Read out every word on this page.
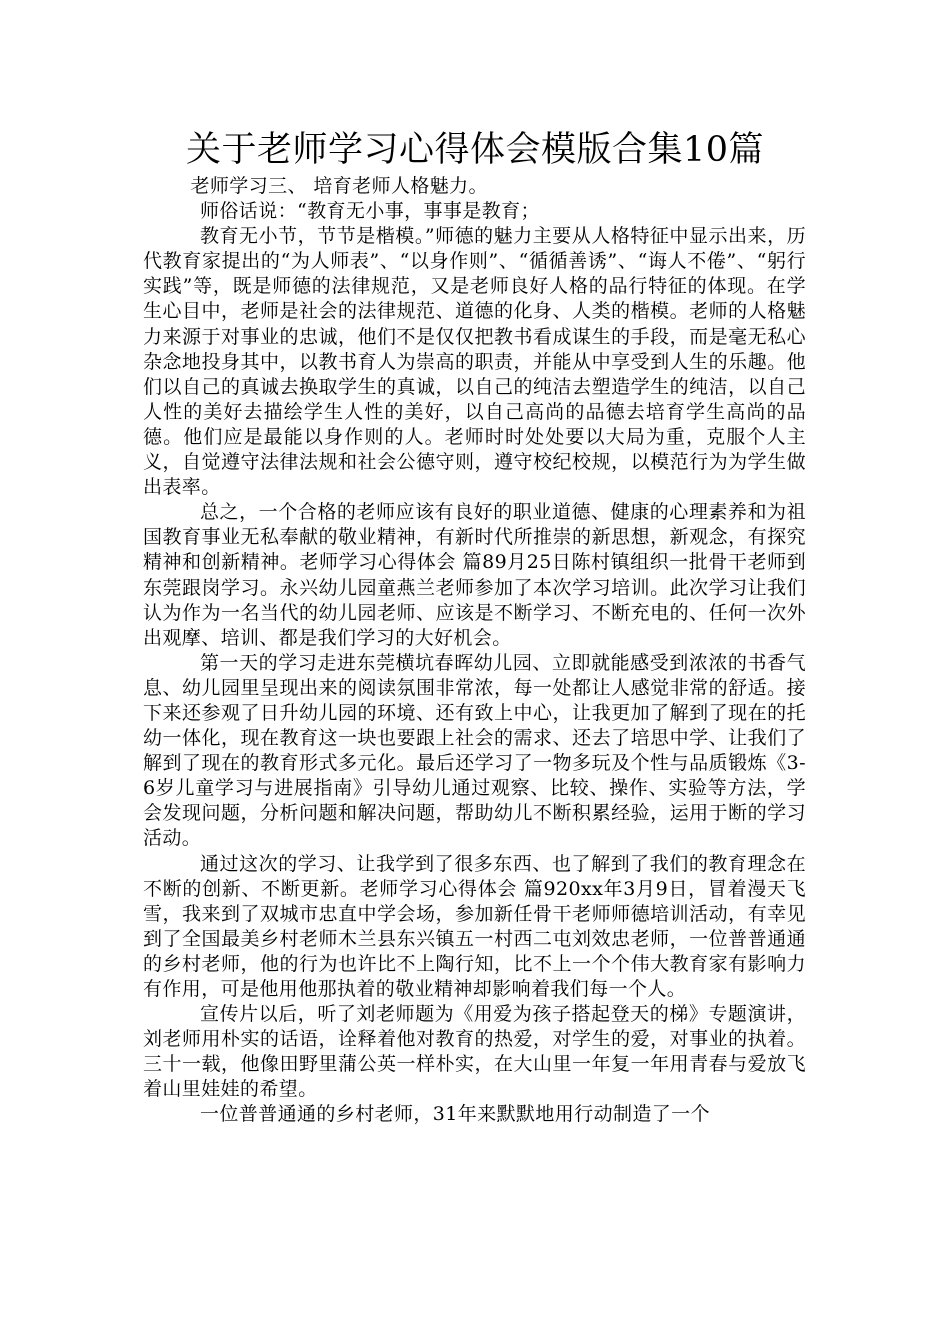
关于老师学习心得体会模版合集10篇

老师学习三、 培育老师人格魅力。

师俗话说：“教育无小事，事事是教育；

教育无小节，节节是楷模。”师德的魅力主要从人格特征中显示出来，历代教育家提出的“为人师表”、“以身作则”、“循循善诱”、“诲人不倦”、“躬行实践”等，既是师德的法律规范，又是老师良好人格的品行特征的体现。在学生心目中，老师是社会的法律规范、道德的化身、人类的楷模。老师的人格魅力来源于对事业的忠诚，他们不是仅仅把教书看成谋生的手段，而是毫无私心杂念地投身其中，以教书育人为崇高的职责，并能从中享受到人生的乐趣。他们以自己的真诚去换取学生的真诚，以自己的纯洁去塑造学生的纯洁，以自己人性的美好去描绘学生人性的美好，以自己高尚的品德去培育学生高尚的品德。他们应是最能以身作则的人。老师时时处处要以大局为重，克服个人主义，自觉遵守法律法规和社会公德守则，遵守校纪校规，以模范行为为学生做出表率。

总之，一个合格的老师应该有良好的职业道德、健康的心理素养和为祖国教育事业无私奉献的敬业精神，有新时代所推崇的新思想，新观念，有探究精神和创新精神。老师学习心得体会 篇89月25日陈村镇组织一批骨干老师到东莞跟岗学习。永兴幼儿园童燕兰老师参加了本次学习培训。此次学习让我们认为作为一名当代的幼儿园老师、应该是不断学习、不断充电的、任何一次外出观摩、培训、都是我们学习的大好机会。

第一天的学习走进东莞横坑春晖幼儿园、立即就能感受到浓浓的书香气息、幼儿园里呈现出来的阅读氛围非常浓，每一处都让人感觉非常的舒适。接下来还参观了日升幼儿园的环境、还有致上中心，让我更加了解到了现在的托幼一体化，现在教育这一块也要跟上社会的需求、还去了培思中学、让我们了解到了现在的教育形式多元化。最后还学习了一物多玩及个性与品质锻炼《3-6岁儿童学习与进展指南》引导幼儿通过观察、比较、操作、实验等方法，学会发现问题，分析问题和解决问题，帮助幼儿不断积累经验，运用于断的学习活动。

通过这次的学习、让我学到了很多东西、也了解到了我们的教育理念在不断的创新、不断更新。老师学习心得体会 篇920xx年3月9日，冒着漫天飞雪，我来到了双城市忠直中学会场，参加新任骨干老师师德培训活动，有幸见到了全国最美乡村老师木兰县东兴镇五一村西二屯刘效忠老师，一位普普通通的乡村老师，他的行为也许比不上陶行知，比不上一个个伟大教育家有影响力有作用，可是他用他那执着的敬业精神却影响着我们每一个人。

宣传片以后，听了刘老师题为《用爱为孩子搭起登天的梯》专题演讲，刘老师用朴实的话语，诠释着他对教育的热爱，对学生的爱，对事业的执着。三十一载，他像田野里蒲公英一样朴实，在大山里一年复一年用青春与爱放飞着山里娃娃的希望。

一位普普通通的乡村老师，31年来默默地用行动制造了一个
